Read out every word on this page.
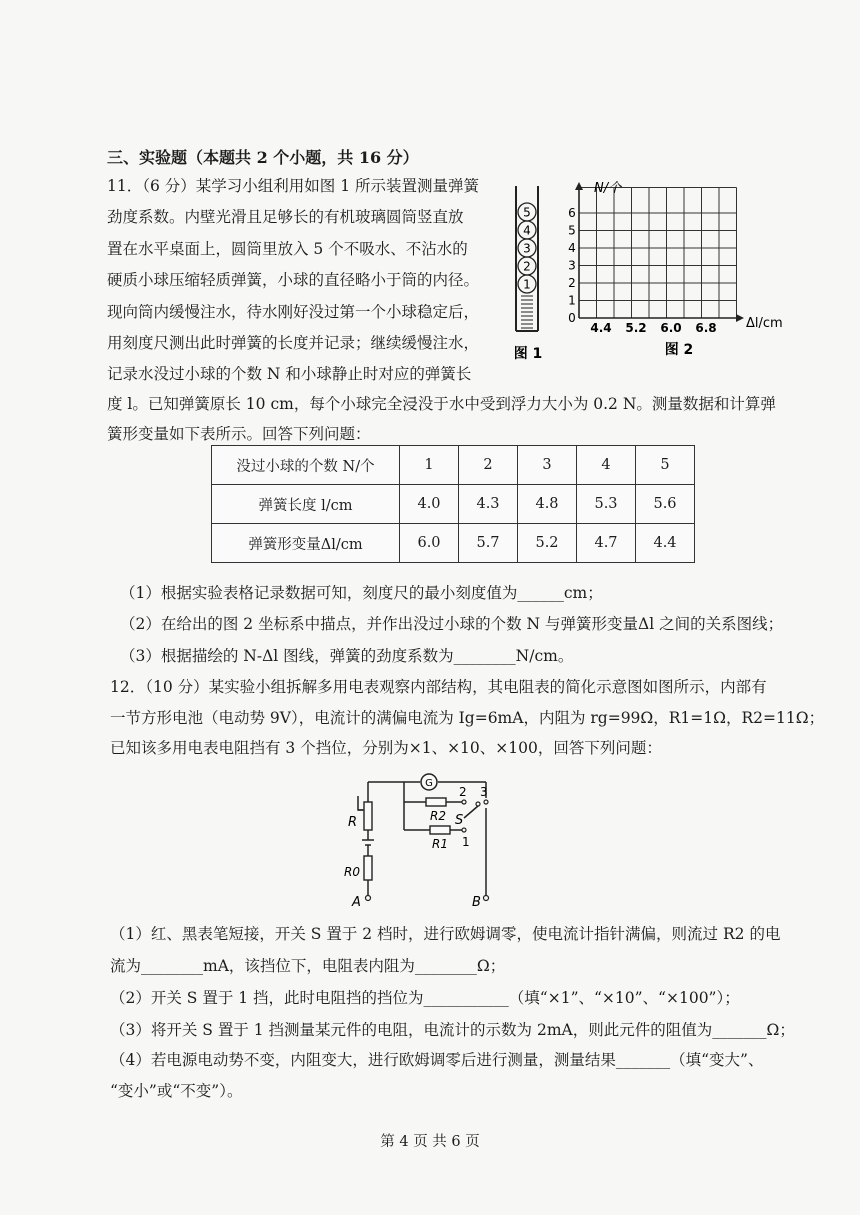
三、实验题（本题共 2 个小题，共 16 分）
11．（6 分）某学习小组利用如图 1 所示装置测量弹簧
劲度系数。内壁光滑且足够长的有机玻璃圆筒竖直放
置在水平桌面上，圆筒里放入 5 个不吸水、不沾水的
硬质小球压缩轻质弹簧，小球的直径略小于筒的内径。
现向筒内缓慢注水，待水刚好没过第一个小球稳定后，
用刻度尺测出此时弹簧的长度并记录；继续缓慢注水，
记录水没过小球的个数 N 和小球静止时对应的弹簧长
度 l。已知弹簧原长 10 cm，每个小球完全浸没于水中受到浮力大小为 0.2 N。测量数据和计算弹
簧形变量如下表所示。回答下列问题：
5
4
3
2
1
图 1
N/个
Δl/cm
0
1
2
3
4
5
6
4.4 5.2 6.0 6.8
图 2
没过小球的个数 N/个	1	2	3	4	5
弹簧长度 l/cm	4.0	4.3	4.8	5.3	5.6
弹簧形变量Δl/cm	6.0	5.7	5.2	4.7	4.4
（1）根据实验表格记录数据可知，刻度尺的最小刻度值为______cm；
（2）在给出的图 2 坐标系中描点，并作出没过小球的个数 N 与弹簧形变量Δl 之间的关系图线；
（3）根据描绘的 N-Δl 图线，弹簧的劲度系数为________N/cm。
12．（10 分）某实验小组拆解多用电表观察内部结构，其电阻表的简化示意图如图所示，内部有
一节方形电池（电动势 9V），电流计的满偏电流为 Ig=6mA，内阻为 rg=99Ω，R1=1Ω，R2=11Ω；
已知该多用电表电阻挡有 3 个挡位，分别为×1、×10、×100，回答下列问题：
G
R
R0
R2
R1
S
2 3
1
A	B
（1）红、黑表笔短接，开关 S 置于 2 档时，进行欧姆调零，使电流计指针满偏，则流过 R2 的电
流为________mA，该挡位下，电阻表内阻为________Ω；
（2）开关 S 置于 1 挡，此时电阻挡的挡位为___________（填“×1”、“×10”、“×100”）；
（3）将开关 S 置于 1 挡测量某元件的电阻，电流计的示数为 2mA，则此元件的阻值为_______Ω；
（4）若电源电动势不变，内阻变大，进行欧姆调零后进行测量，测量结果_______（填“变大”、
“变小”或“不变”）。
第 4 页 共 6 页
